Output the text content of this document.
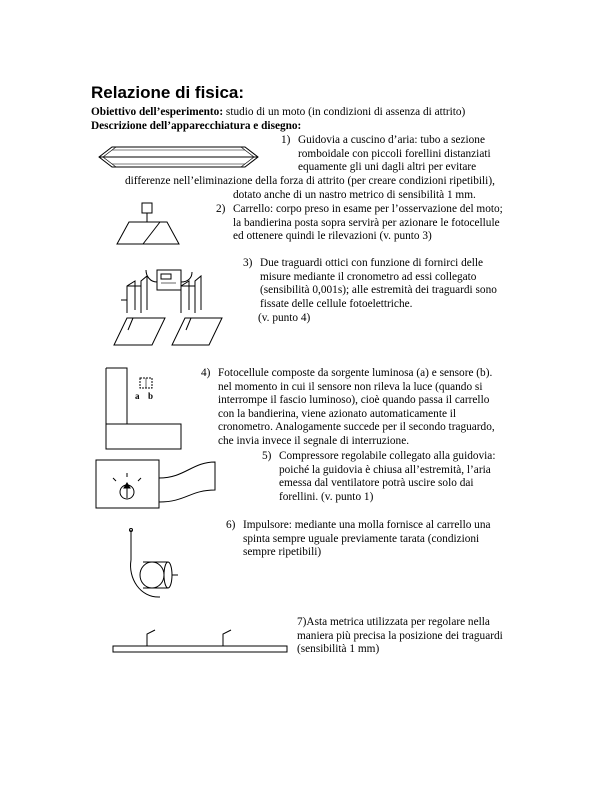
Relazione di fisica:
Obiettivo dell’esperimento: studio di un moto (in condizioni di assenza di attrito)
Descrizione dell’apparecchiatura e disegno:
1) Guidovia a cuscino d’aria: tubo a sezione
romboidale con piccoli forellini distanziati
equamente gli uni dagli altri per evitare
differenze nell’eliminazione della forza di attrito (per creare condizioni ripetibili),
dotato anche di un nastro metrico di sensibilità 1 mm.
2) Carrello: corpo preso in esame per l’osservazione del moto;
la bandierina posta sopra servirà per azionare le fotocellule
ed ottenere quindi le rilevazioni (v. punto 3)
3) Due traguardi ottici con funzione di fornirci delle
misure mediante il cronometro ad essi collegato
(sensibilità 0,001s); alle estremità dei traguardi sono
fissate delle cellule fotoelettriche.
(v. punto 4)
4) Fotocellule composte da sorgente luminosa (a) e sensore (b).
nel momento in cui il sensore non rileva la luce (quando si
interrompe il fascio luminoso), cioè quando passa il carrello
con la bandierina, viene azionato automaticamente il
cronometro. Analogamente succede per il secondo traguardo,
che invia invece il segnale di interruzione.
5) Compressore regolabile collegato alla guidovia:
poiché la guidovia è chiusa all’estremità, l’aria
emessa dal ventilatore potrà uscire solo dai
forellini. (v. punto 1)
6) Impulsore: mediante una molla fornisce al carrello una
spinta sempre uguale previamente tarata (condizioni
sempre ripetibili)
7)Asta metrica utilizzata per regolare nella
maniera più precisa la posizione dei traguardi
(sensibilità 1 mm)
a b
